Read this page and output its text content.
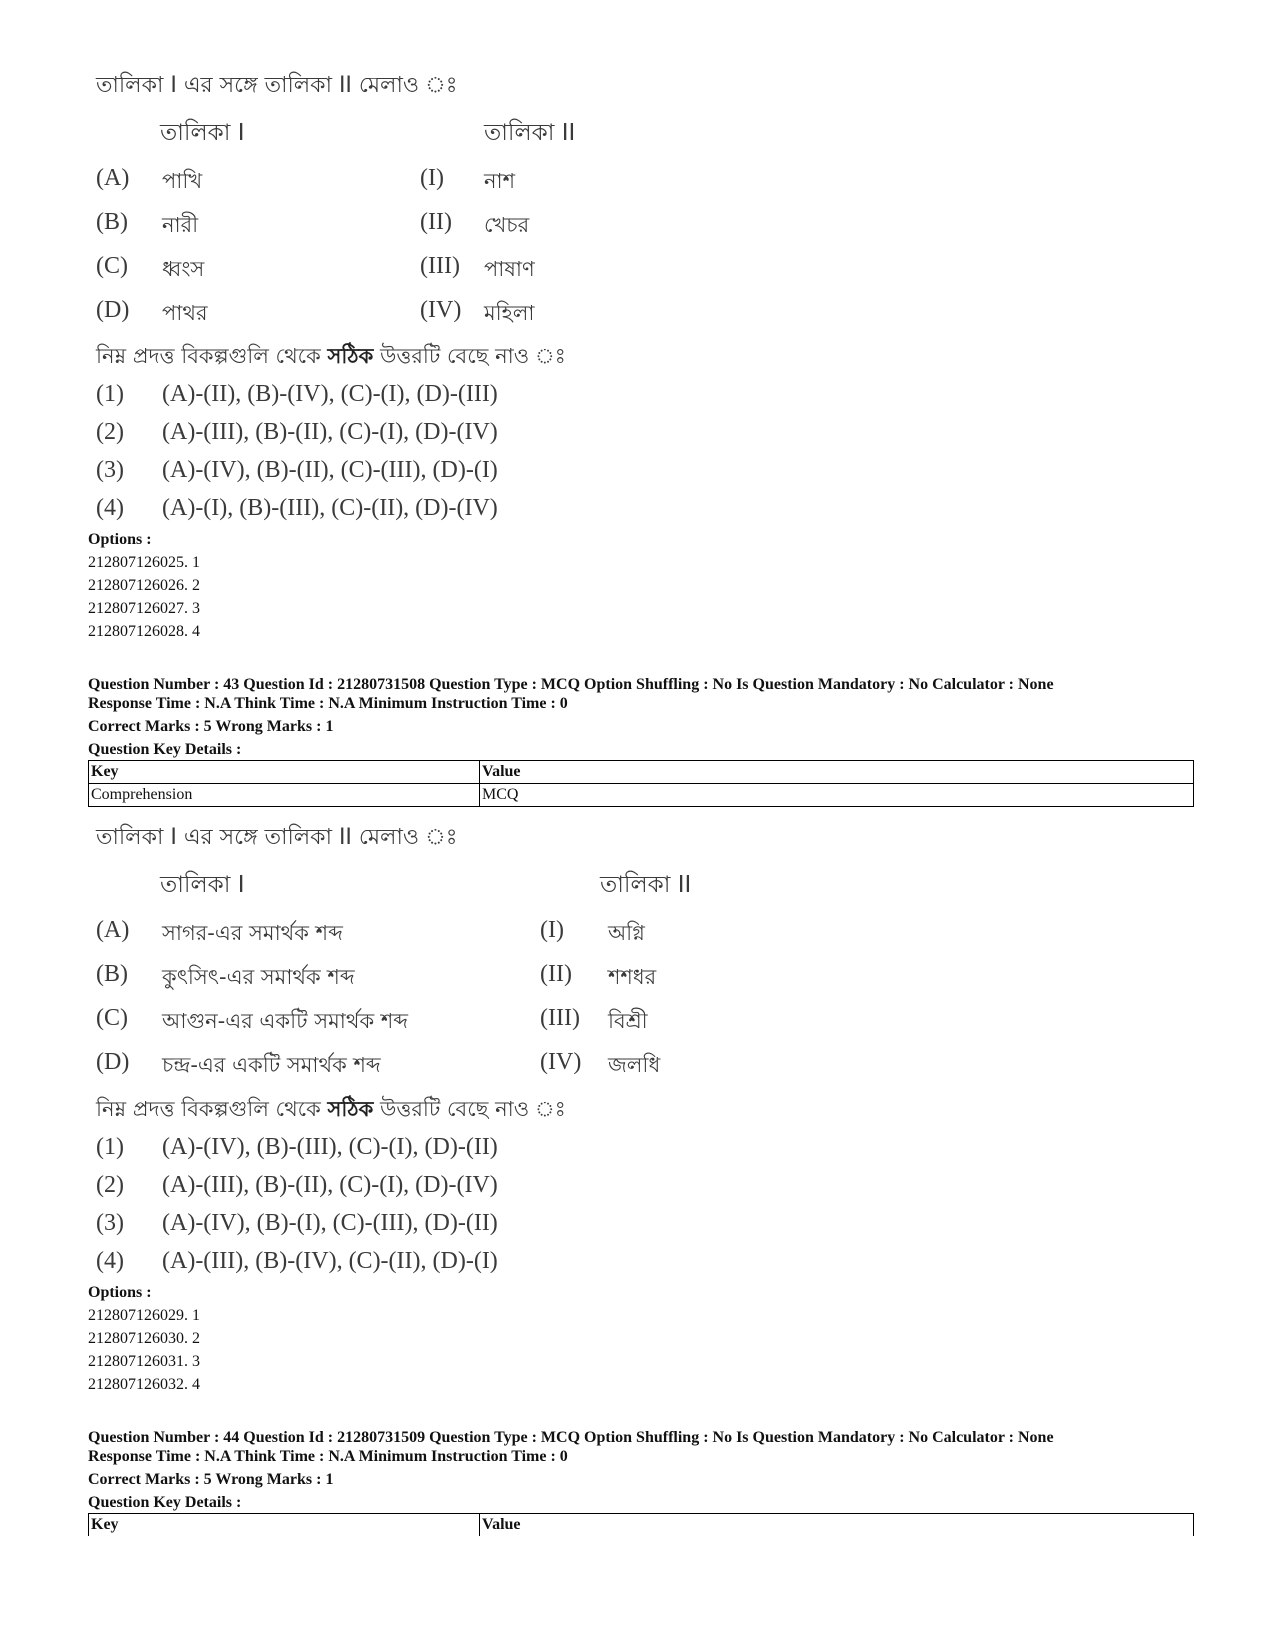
তালিকা I এর সঙ্গে তালিকা II মেলাও ঃ
তালিকা I	তালিকা II
(A) পাখি	(I) নাশ
(B) নারী	(II) খেচর
(C) ধ্বংস	(III) পাষাণ
(D) পাথর	(IV) মহিলা
নিম্ন প্রদত্ত বিকল্পগুলি থেকে সঠিক উত্তরটি বেছে নাও ঃ
(1) (A)-(II), (B)-(IV), (C)-(I), (D)-(III)
(2) (A)-(III), (B)-(II), (C)-(I), (D)-(IV)
(3) (A)-(IV), (B)-(II), (C)-(III), (D)-(I)
(4) (A)-(I), (B)-(III), (C)-(II), (D)-(IV)
Options :
212807126025. 1
212807126026. 2
212807126027. 3
212807126028. 4
Question Number : 43 Question Id : 21280731508 Question Type : MCQ Option Shuffling : No Is Question Mandatory : No Calculator : None
Response Time : N.A Think Time : N.A Minimum Instruction Time : 0
Correct Marks : 5 Wrong Marks : 1
Question Key Details :
Key	Value
Comprehension	MCQ
তালিকা I এর সঙ্গে তালিকা II মেলাও ঃ
তালিকা I	তালিকা II
(A) সাগর-এর সমার্থক শব্দ	(I) অগ্নি
(B) কুৎসিৎ-এর সমার্থক শব্দ	(II) শশধর
(C) আগুন-এর একটি সমার্থক শব্দ	(III) বিশ্রী
(D) চন্দ্র-এর একটি সমার্থক শব্দ	(IV) জলধি
নিম্ন প্রদত্ত বিকল্পগুলি থেকে সঠিক উত্তরটি বেছে নাও ঃ
(1) (A)-(IV), (B)-(III), (C)-(I), (D)-(II)
(2) (A)-(III), (B)-(II), (C)-(I), (D)-(IV)
(3) (A)-(IV), (B)-(I), (C)-(III), (D)-(II)
(4) (A)-(III), (B)-(IV), (C)-(II), (D)-(I)
Options :
212807126029. 1
212807126030. 2
212807126031. 3
212807126032. 4
Question Number : 44 Question Id : 21280731509 Question Type : MCQ Option Shuffling : No Is Question Mandatory : No Calculator : None
Response Time : N.A Think Time : N.A Minimum Instruction Time : 0
Correct Marks : 5 Wrong Marks : 1
Question Key Details :
Key	Value
